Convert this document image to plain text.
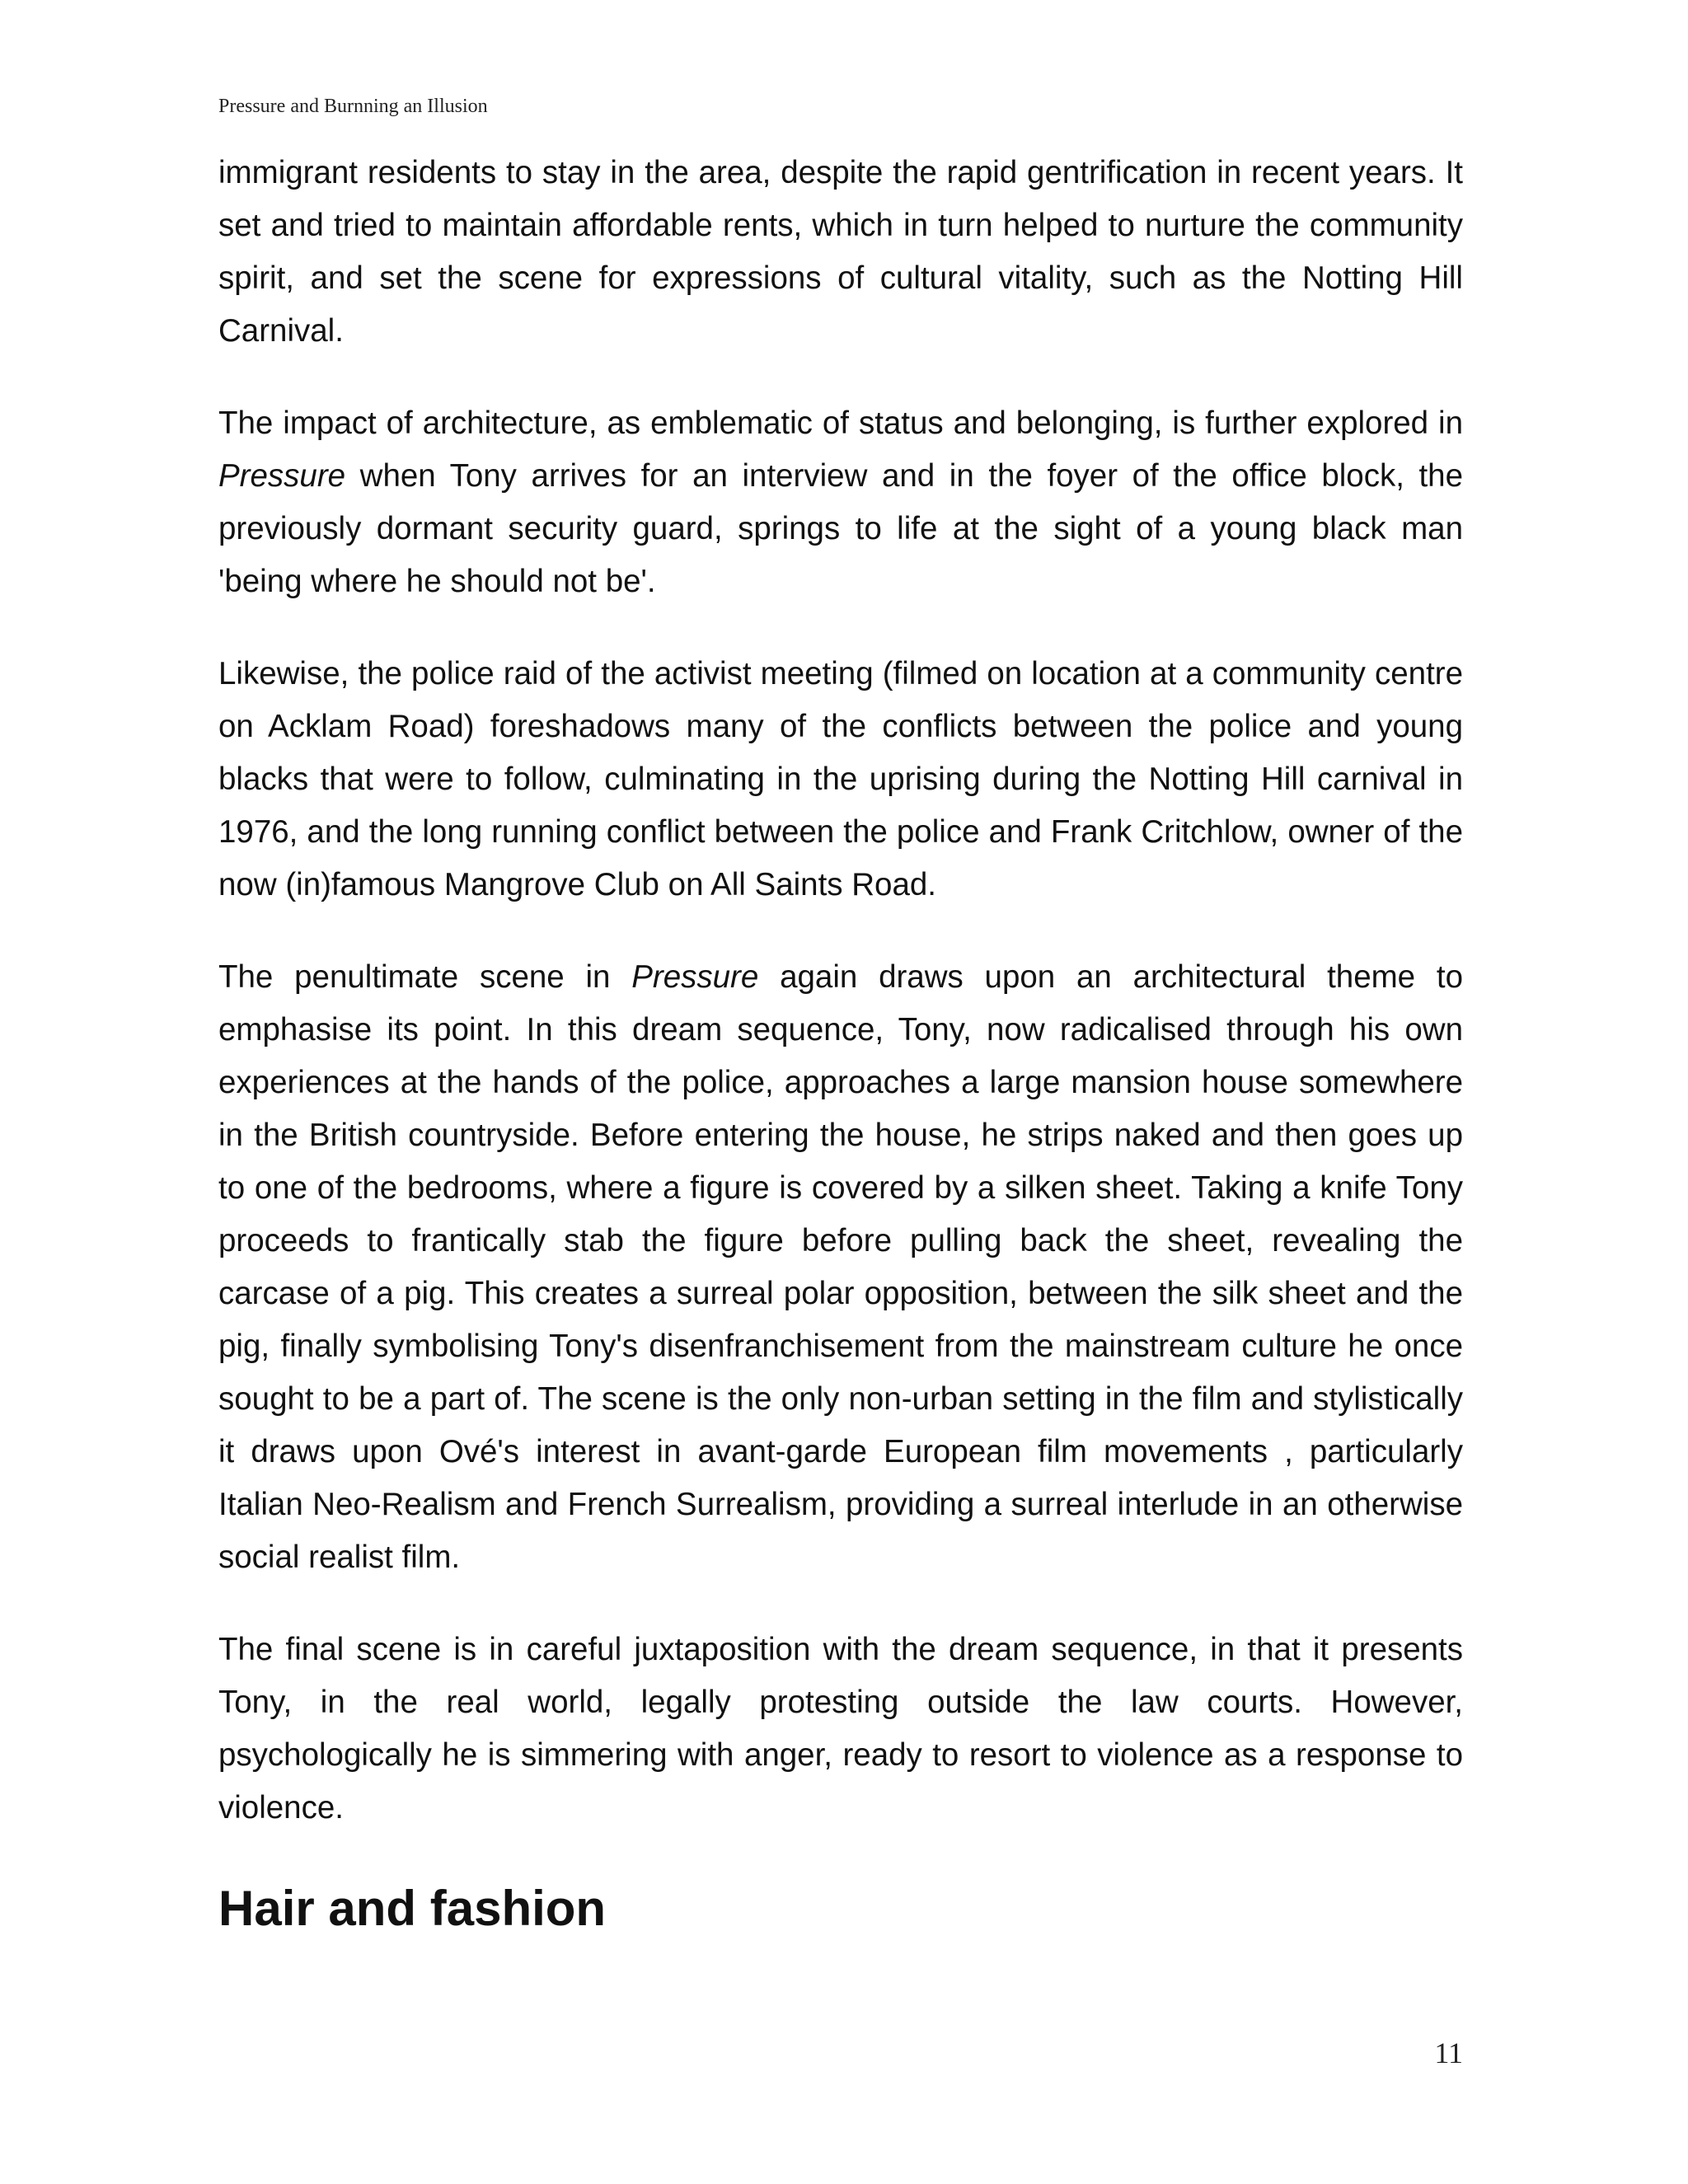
Pressure and Burnning an Illusion

immigrant residents to stay in the area, despite the rapid gentrification in recent years. It set and tried to maintain affordable rents, which in turn helped to nurture the community spirit, and set the scene for expressions of cultural vitality, such as the Notting Hill Carnival.

The impact of architecture, as emblematic of status and belonging, is further explored in Pressure when Tony arrives for an interview and in the foyer of the office block, the previously dormant security guard, springs to life at the sight of a young black man 'being where he should not be'.

Likewise, the police raid of the activist meeting (filmed on location at a community centre on Acklam Road) foreshadows many of the conflicts between the police and young blacks that were to follow, culminating in the uprising during the Notting Hill carnival in 1976, and the long running conflict between the police and Frank Critchlow, owner of the now (in)famous Mangrove Club on All Saints Road.

The penultimate scene in Pressure again draws upon an architectural theme to emphasise its point. In this dream sequence, Tony, now radicalised through his own experiences at the hands of the police, approaches a large mansion house somewhere in the British countryside. Before entering the house, he strips naked and then goes up to one of the bedrooms, where a figure is covered by a silken sheet. Taking a knife Tony proceeds to frantically stab the figure before pulling back the sheet, revealing the carcase of a pig. This creates a surreal polar opposition, between the silk sheet and the pig, finally symbolising Tony's disenfranchisement from the mainstream culture he once sought to be a part of. The scene is the only non-urban setting in the film and stylistically it draws upon Ové's interest in avant-garde European film movements , particularly Italian Neo-Realism and French Surrealism, providing a surreal interlude in an otherwise social realist film.

The final scene is in careful juxtaposition with the dream sequence, in that it presents Tony, in the real world, legally protesting outside the law courts. However, psychologically he is simmering with anger, ready to resort to violence as a response to violence.

Hair and fashion
11
